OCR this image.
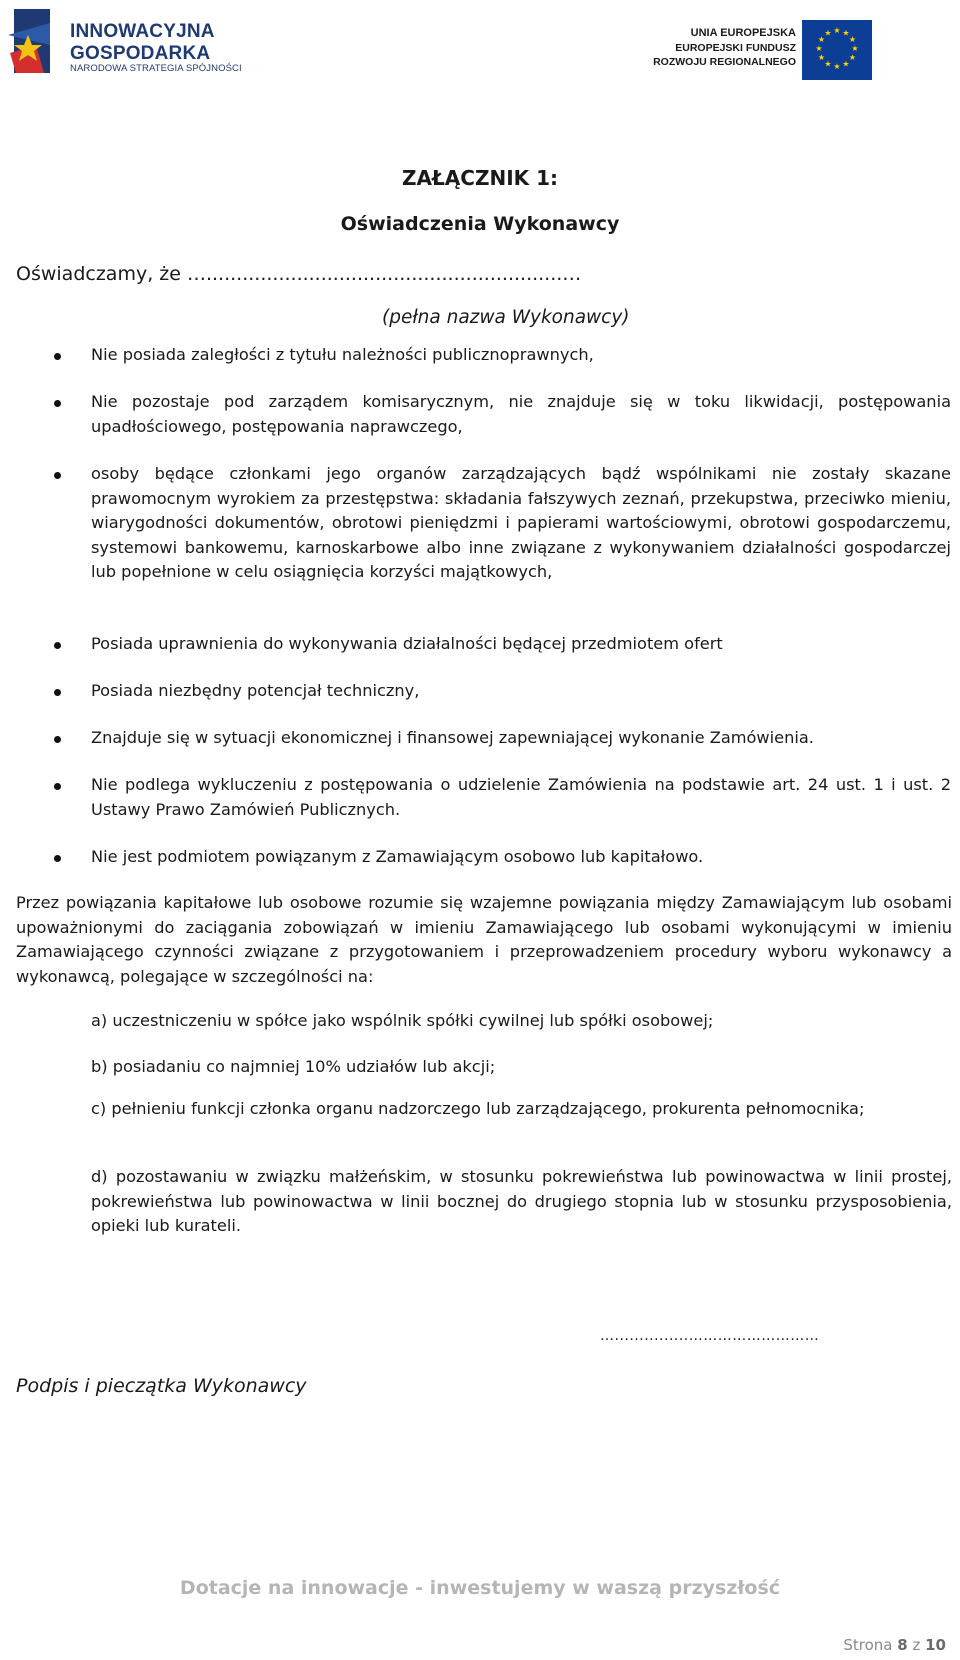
INNOWACYJNA
GOSPODARKA
NARODOWA STRATEGIA SPÓJNOŚCI
UNIA EUROPEJSKA
EUROPEJSKI FUNDUSZ
ROZWOJU REGIONALNEGO
★ ★
★
★
★
★
★
★
★
★
★
★
ZAŁĄCZNIK 1:
Oświadczenia Wykonawcy
Oświadczamy, że …...........................................................…
(pełna nazwa Wykonawcy)
Nie posiada zaległości z tytułu należności publicznoprawnych,
Nie pozostaje pod zarządem komisarycznym, nie znajduje się w toku likwidacji, postępowania upadłościowego, postępowania naprawczego,
osoby będące członkami jego organów zarządzających bądź wspólnikami nie zostały skazane prawomocnym wyrokiem za przestępstwa: składania fałszywych zeznań, przekupstwa, przeciwko mieniu, wiarygodności dokumentów, obrotowi pieniędzmi i papierami wartościowymi, obrotowi gospodarczemu, systemowi bankowemu, karnoskarbowe albo inne związane z wykonywaniem działalności gospodarczej lub popełnione w celu osiągnięcia korzyści majątkowych,
Posiada uprawnienia do wykonywania działalności będącej przedmiotem ofert
Posiada niezbędny potencjał techniczny,
Znajduje się w sytuacji ekonomicznej i finansowej zapewniającej wykonanie Zamówienia.
Nie podlega wykluczeniu z postępowania o udzielenie Zamówienia na podstawie art. 24 ust. 1 i ust. 2 Ustawy Prawo Zamówień Publicznych.
Nie jest podmiotem powiązanym z Zamawiającym osobowo lub kapitałowo.
Przez powiązania kapitałowe lub osobowe rozumie się wzajemne powiązania między Zamawiającym lub osobami upoważnionymi do zaciągania zobowiązań w imieniu Zamawiającego lub osobami wykonującymi w imieniu Zamawiającego czynności związane z przygotowaniem i przeprowadzeniem procedury wyboru wykonawcy a wykonawcą, polegające w szczególności na:
a) uczestniczeniu w spółce jako wspólnik spółki cywilnej lub spółki osobowej;
b) posiadaniu co najmniej 10% udziałów lub akcji;
c) pełnieniu funkcji członka organu nadzorczego lub zarządzającego, prokurenta pełnomocnika;
d) pozostawaniu w związku małżeńskim, w stosunku pokrewieństwa lub powinowactwa w linii prostej, pokrewieństwa lub powinowactwa w linii bocznej do drugiego stopnia lub w stosunku przysposobienia, opieki lub kurateli.
…...............………………………
Podpis i pieczątka Wykonawcy
Dotacje na innowacje - inwestujemy w waszą przyszłość
Strona 8 z 10
